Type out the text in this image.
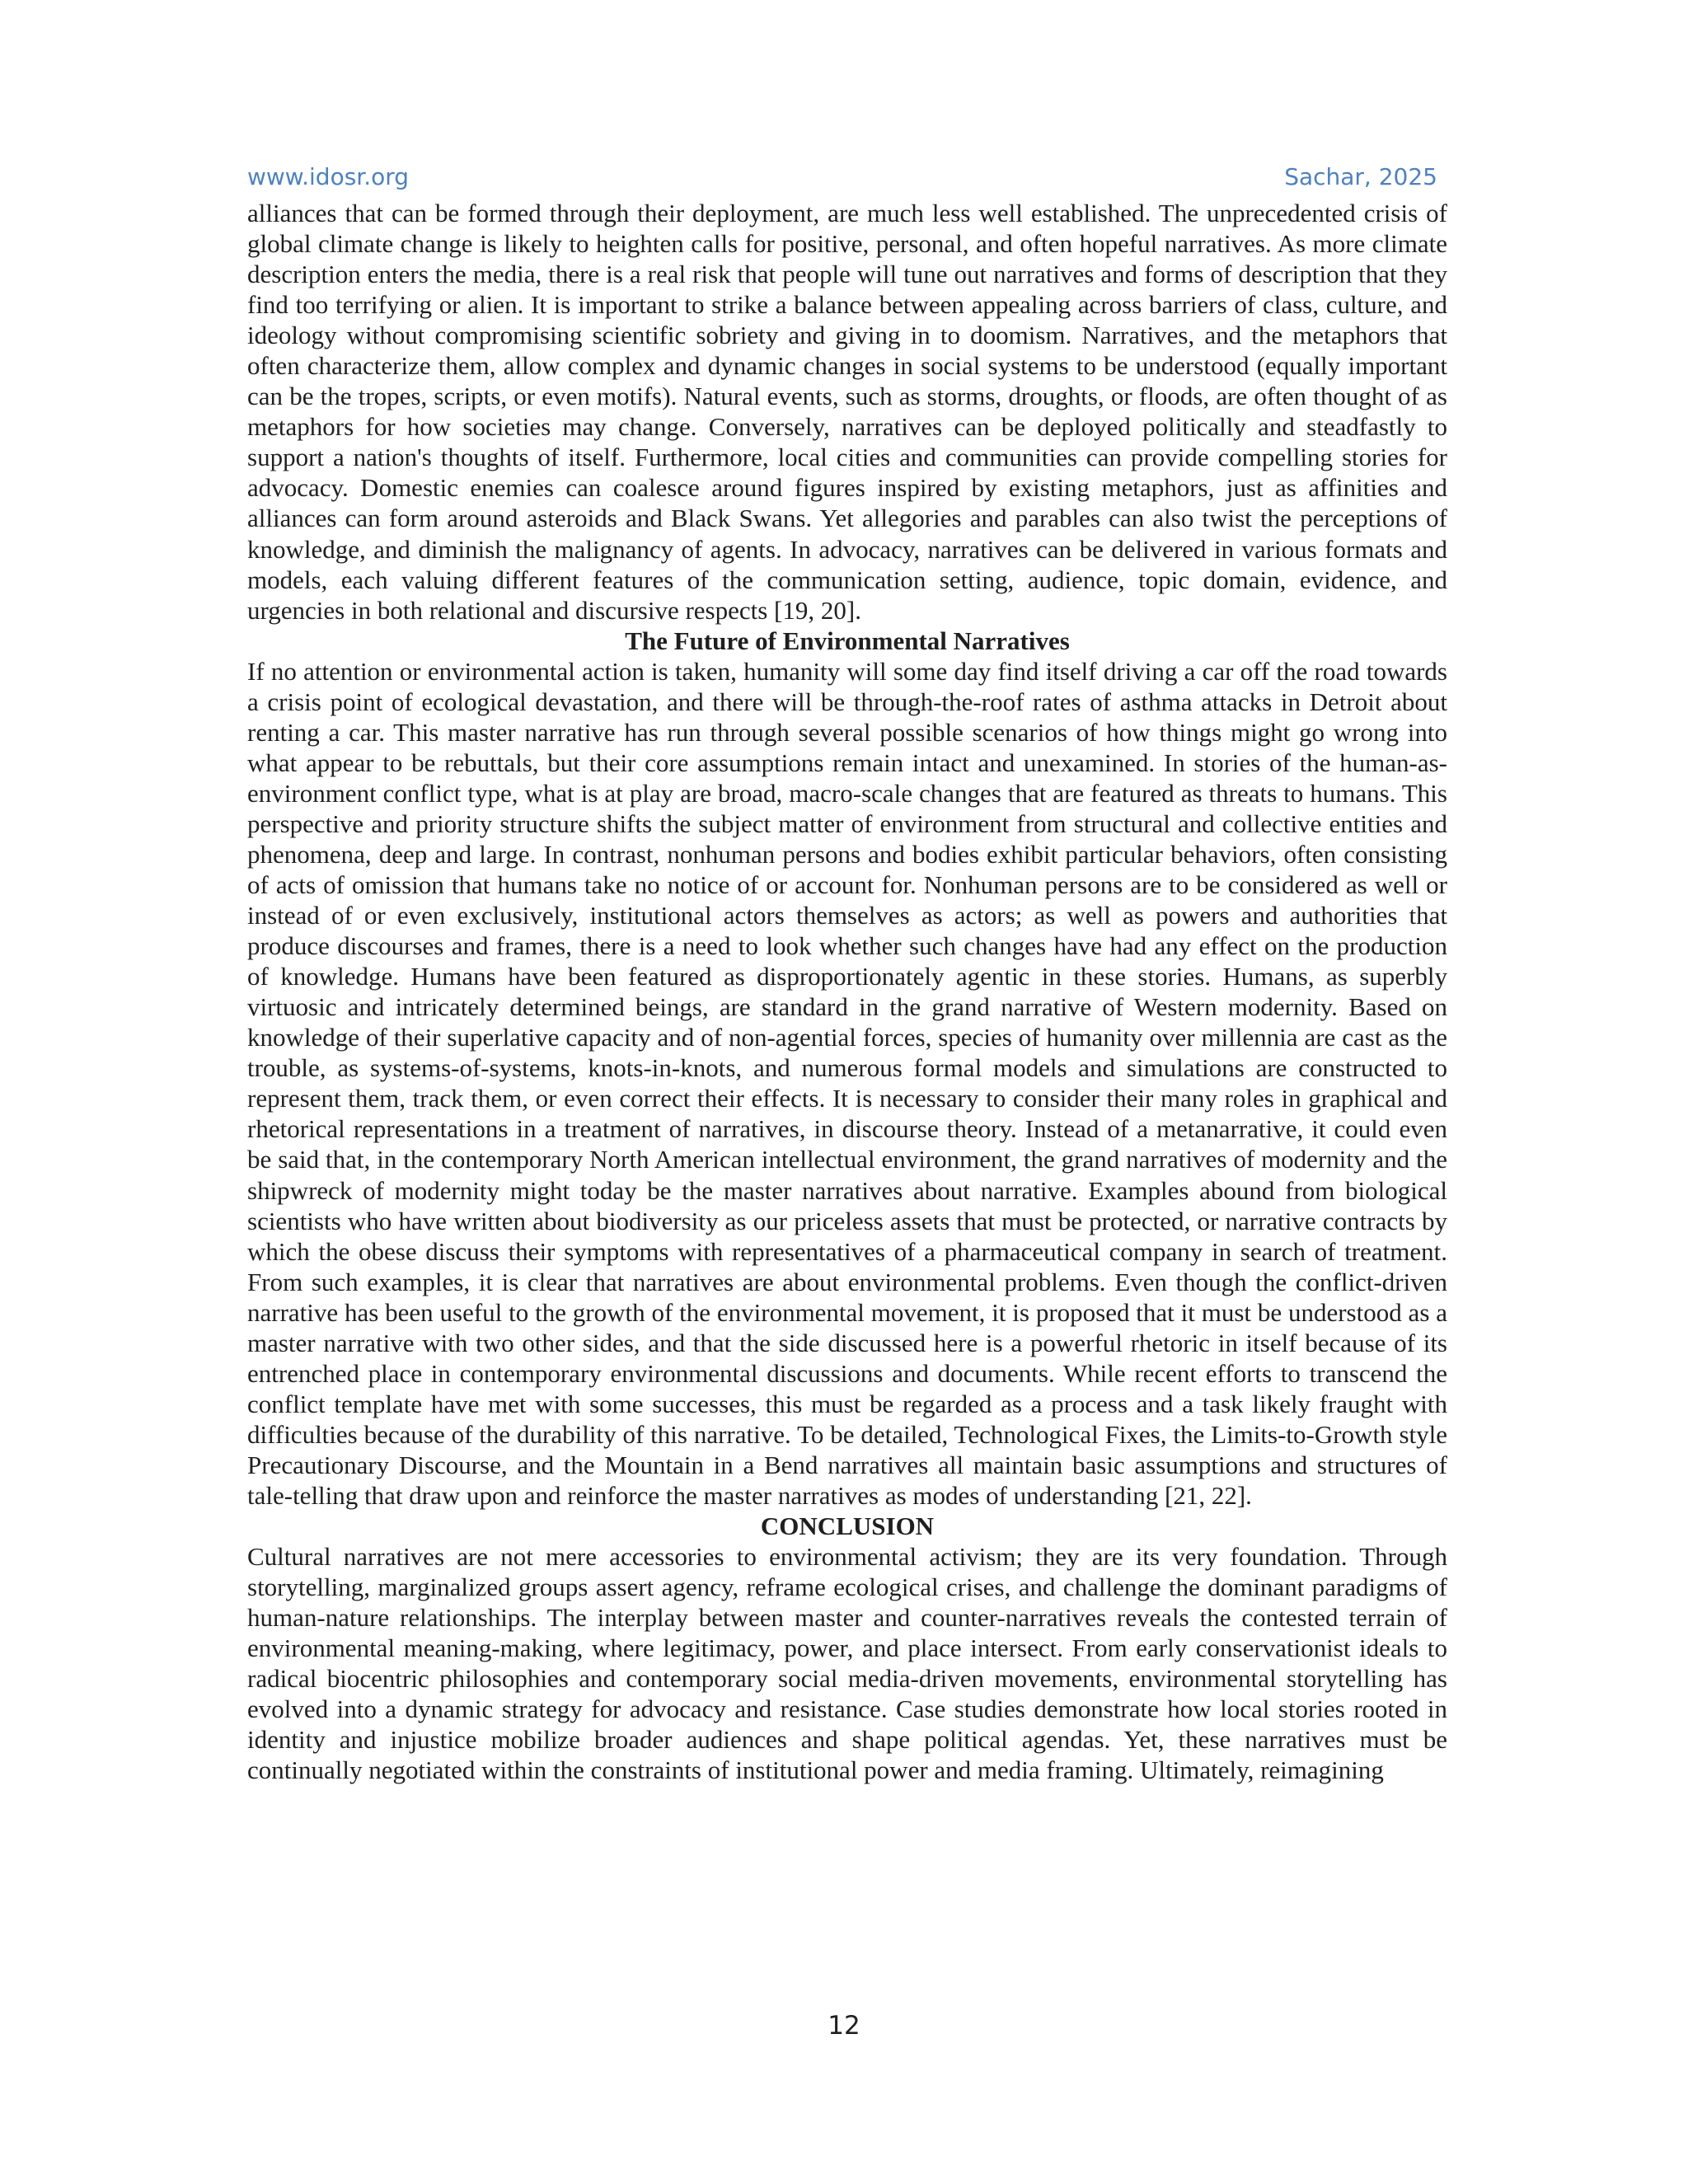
www.idosr.org	Sachar, 2025

alliances that can be formed through their deployment, are much less well established. The unprecedented crisis of global climate change is likely to heighten calls for positive, personal, and often hopeful narratives. As more climate description enters the media, there is a real risk that people will tune out narratives and forms of description that they find too terrifying or alien. It is important to strike a balance between appealing across barriers of class, culture, and ideology without compromising scientific sobriety and giving in to doomism. Narratives, and the metaphors that often characterize them, allow complex and dynamic changes in social systems to be understood (equally important can be the tropes, scripts, or even motifs). Natural events, such as storms, droughts, or floods, are often thought of as metaphors for how societies may change. Conversely, narratives can be deployed politically and steadfastly to support a nation's thoughts of itself. Furthermore, local cities and communities can provide compelling stories for advocacy. Domestic enemies can coalesce around figures inspired by existing metaphors, just as affinities and alliances can form around asteroids and Black Swans. Yet allegories and parables can also twist the perceptions of knowledge, and diminish the malignancy of agents. In advocacy, narratives can be delivered in various formats and models, each valuing different features of the communication setting, audience, topic domain, evidence, and urgencies in both relational and discursive respects [19, 20].

The Future of Environmental Narratives

If no attention or environmental action is taken, humanity will some day find itself driving a car off the road towards a crisis point of ecological devastation, and there will be through-the-roof rates of asthma attacks in Detroit about renting a car. This master narrative has run through several possible scenarios of how things might go wrong into what appear to be rebuttals, but their core assumptions remain intact and unexamined. In stories of the human-as-environment conflict type, what is at play are broad, macro-scale changes that are featured as threats to humans. This perspective and priority structure shifts the subject matter of environment from structural and collective entities and phenomena, deep and large. In contrast, nonhuman persons and bodies exhibit particular behaviors, often consisting of acts of omission that humans take no notice of or account for. Nonhuman persons are to be considered as well or instead of or even exclusively, institutional actors themselves as actors; as well as powers and authorities that produce discourses and frames, there is a need to look whether such changes have had any effect on the production of knowledge. Humans have been featured as disproportionately agentic in these stories. Humans, as superbly virtuosic and intricately determined beings, are standard in the grand narrative of Western modernity. Based on knowledge of their superlative capacity and of non-agential forces, species of humanity over millennia are cast as the trouble, as systems-of-systems, knots-in-knots, and numerous formal models and simulations are constructed to represent them, track them, or even correct their effects. It is necessary to consider their many roles in graphical and rhetorical representations in a treatment of narratives, in discourse theory. Instead of a metanarrative, it could even be said that, in the contemporary North American intellectual environment, the grand narratives of modernity and the shipwreck of modernity might today be the master narratives about narrative. Examples abound from biological scientists who have written about biodiversity as our priceless assets that must be protected, or narrative contracts by which the obese discuss their symptoms with representatives of a pharmaceutical company in search of treatment. From such examples, it is clear that narratives are about environmental problems. Even though the conflict-driven narrative has been useful to the growth of the environmental movement, it is proposed that it must be understood as a master narrative with two other sides, and that the side discussed here is a powerful rhetoric in itself because of its entrenched place in contemporary environmental discussions and documents. While recent efforts to transcend the conflict template have met with some successes, this must be regarded as a process and a task likely fraught with difficulties because of the durability of this narrative. To be detailed, Technological Fixes, the Limits-to-Growth style Precautionary Discourse, and the Mountain in a Bend narratives all maintain basic assumptions and structures of tale-telling that draw upon and reinforce the master narratives as modes of understanding [21, 22].

CONCLUSION

Cultural narratives are not mere accessories to environmental activism; they are its very foundation. Through storytelling, marginalized groups assert agency, reframe ecological crises, and challenge the dominant paradigms of human-nature relationships. The interplay between master and counter-narratives reveals the contested terrain of environmental meaning-making, where legitimacy, power, and place intersect. From early conservationist ideals to radical biocentric philosophies and contemporary social media-driven movements, environmental storytelling has evolved into a dynamic strategy for advocacy and resistance. Case studies demonstrate how local stories rooted in identity and injustice mobilize broader audiences and shape political agendas. Yet, these narratives must be continually negotiated within the constraints of institutional power and media framing. Ultimately, reimagining

12
